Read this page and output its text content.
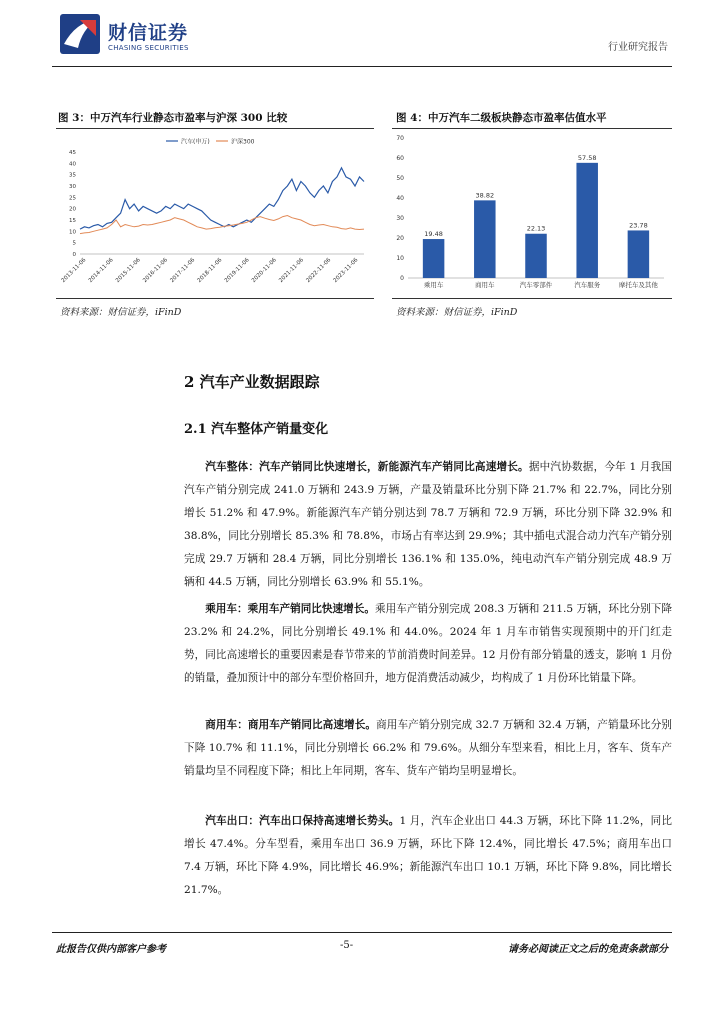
财信证券
CHASING SECURITIES	行业研究报告
图 3：中万汽车行业静态市盈率与沪深 300 比较
汽车(申万)	沪深300
0
5
10
15
20
25
30
35
40
45
2013-11-06 2014-11-06 2015-11-06 2016-11-06 2017-11-06 2018-11-06 2019-11-06 2020-11-06 2021-11-06 2022-11-06 2023-11-06
资料来源：财信证券，iFinD
图 4：中万汽车二级板块静态市盈率估值水平
0
10
20
30
40
50
60
70
19.48
乘用车
38.82
商用车
22.13
汽车零部件
57.58
汽车服务
23.78
摩托车及其他
资料来源：财信证券，iFinD
2 汽车产业数据跟踪
2.1 汽车整体产销量变化
汽车整体：汽车产销同比快速增长，新能源汽车产销同比高速增长。据中汽协数据，今年 1 月我国汽车产销分别完成 241.0 万辆和 243.9 万辆，产量及销量环比分别下降 21.7% 和 22.7%，同比分别增长 51.2% 和 47.9%。新能源汽车产销分别达到 78.7 万辆和 72.9 万辆，环比分别下降 32.9% 和 38.8%，同比分别增长 85.3% 和 78.8%，市场占有率达到 29.9%；其中插电式混合动力汽车产销分别完成 29.7 万辆和 28.4 万辆，同比分别增长 136.1% 和 135.0%，纯电动汽车产销分别完成 48.9 万辆和 44.5 万辆，同比分别增长 63.9% 和 55.1%。
乘用车：乘用车产销同比快速增长。乘用车产销分别完成 208.3 万辆和 211.5 万辆，环比分别下降 23.2% 和 24.2%，同比分别增长 49.1% 和 44.0%。2024 年 1 月车市销售实现预期中的开门红走势，同比高速增长的重要因素是春节带来的节前消费时间差异。12 月份有部分销量的透支，影响 1 月份的销量，叠加预计中的部分车型价格回升，地方促消费活动减少，均构成了 1 月份环比销量下降。
商用车：商用车产销同比高速增长。商用车产销分别完成 32.7 万辆和 32.4 万辆，产销量环比分别下降 10.7% 和 11.1%，同比分别增长 66.2% 和 79.6%。从细分车型来看，相比上月，客车、货车产销量均呈不同程度下降；相比上年同期，客车、货车产销均呈明显增长。
汽车出口：汽车出口保持高速增长势头。1 月，汽车企业出口 44.3 万辆，环比下降 11.2%，同比增长 47.4%。分车型看，乘用车出口 36.9 万辆，环比下降 12.4%，同比增长 47.5%；商用车出口 7.4 万辆，环比下降 4.9%，同比增长 46.9%；新能源汽车出口 10.1 万辆，环比下降 9.8%，同比增长 21.7%。
此报告仅供内部客户参考	-5-	请务必阅读正文之后的免责条款部分
